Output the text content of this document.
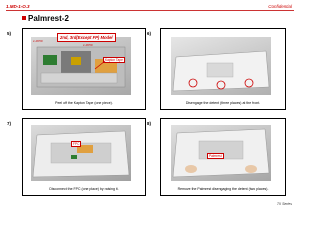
1.MD-1-O.3	Confidential
Palmrest-2
5)
1.2K5C
2nd, 3rd(Except FP) Model
1.2K5C
Kapton Tape
Peel off the Kapton Tape (one piece).
6)
Disengage the detent (three places) at the front.
7)
FPC
Disconnect the FPC (one place) by raising it.
8)
Palmrest
Remove the Palmrest disengaging the detent (two places).
7X Series
